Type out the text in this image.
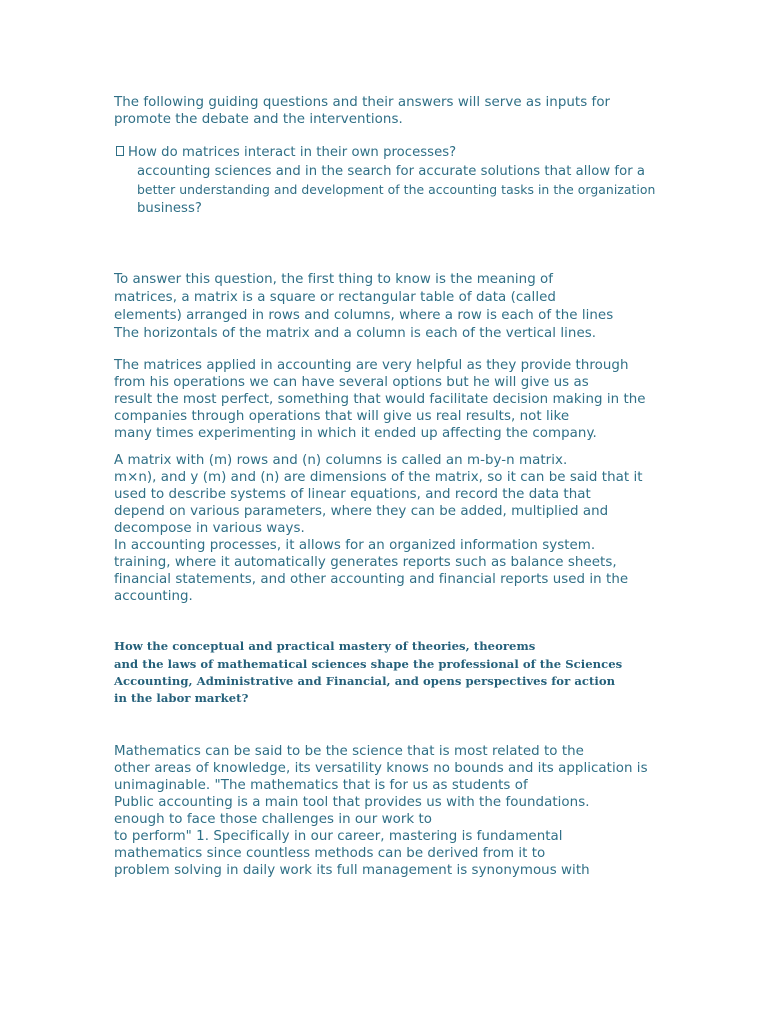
The following guiding questions and their answers will serve as inputs for
promote the debate and the interventions.
How do matrices interact in their own processes?
accounting sciences and in the search for accurate solutions that allow for a
better understanding and development of the accounting tasks in the organization
business?
To answer this question, the first thing to know is the meaning of
matrices, a matrix is a square or rectangular table of data (called
elements) arranged in rows and columns, where a row is each of the lines
The horizontals of the matrix and a column is each of the vertical lines.
The matrices applied in accounting are very helpful as they provide through
from his operations we can have several options but he will give us as
result the most perfect, something that would facilitate decision making in the
companies through operations that will give us real results, not like
many times experimenting in which it ended up affecting the company.
A matrix with (m) rows and (n) columns is called an m-by-n matrix.
m×n), and y (m) and (n) are dimensions of the matrix, so it can be said that it
used to describe systems of linear equations, and record the data that
depend on various parameters, where they can be added, multiplied and
decompose in various ways.
In accounting processes, it allows for an organized information system.
training, where it automatically generates reports such as balance sheets,
financial statements, and other accounting and financial reports used in the
accounting.
How the conceptual and practical mastery of theories, theorems
and the laws of mathematical sciences shape the professional of the Sciences
Accounting, Administrative and Financial, and opens perspectives for action
in the labor market?
Mathematics can be said to be the science that is most related to the
other areas of knowledge, its versatility knows no bounds and its application is
unimaginable. "The mathematics that is for us as students of
Public accounting is a main tool that provides us with the foundations.
enough to face those challenges in our work to
to perform" 1. Specifically in our career, mastering is fundamental
mathematics since countless methods can be derived from it to
problem solving in daily work its full management is synonymous with
